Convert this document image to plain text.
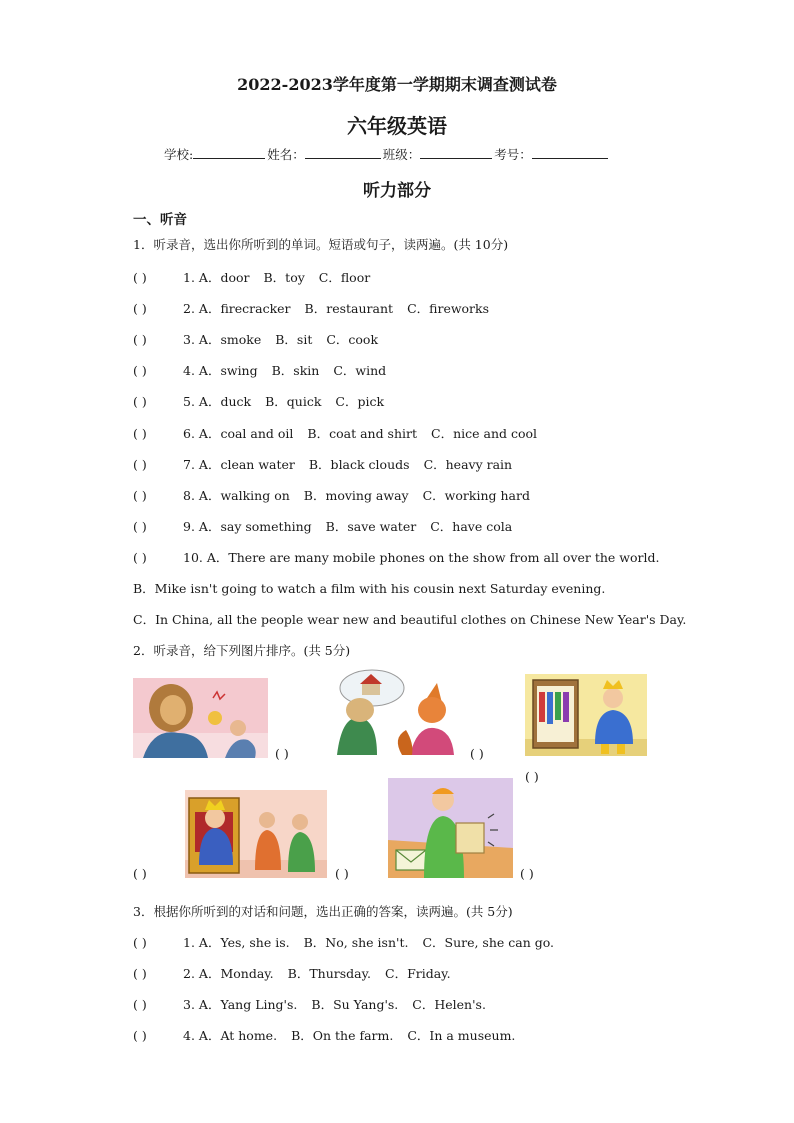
2022-2023学年度第一学期期末调查测试卷
六年级英语
学校:	姓名：	班级：	考号：
听力部分
一、听音
1．听录音，选出你所听到的单词。短语或句子，读两遍。(共 10分)
( )	1. A．door B．toy C．floor
( )	2. A．firecracker B．restaurant C．fireworks
( )	3. A．smoke B．sit C．cook
( )	4. A．swing B．skin C．wind
( )	5. A．duck B．quick C．pick
( )	6. A．coal and oil B．coat and shirt C．nice and cool
( )	7. A．clean water B．black clouds C．heavy rain
( )	8. A．walking on B．moving away C．working hard
( )	9. A．say something B．save water C．have cola
( )	10. A．There are many mobile phones on the show from all over the world.
B．Mike isn't going to watch a film with his cousin next Saturday evening.
C．In China, all the people wear new and beautiful clothes on Chinese New Year's Day.
2．听录音，给下列图片排序。(共 5分)
( )	( )
( )
( )	( )	( )
3．根据你所听到的对话和问题，选出正确的答案，读两遍。(共 5分)
( )	1. A．Yes, she is. B．No, she isn't. C．Sure, she can go.
( )	2. A．Monday. B．Thursday. C．Friday.
( )	3. A．Yang Ling's. B．Su Yang's. C．Helen's.
( )	4. A．At home. B．On the farm. C．In a museum.
